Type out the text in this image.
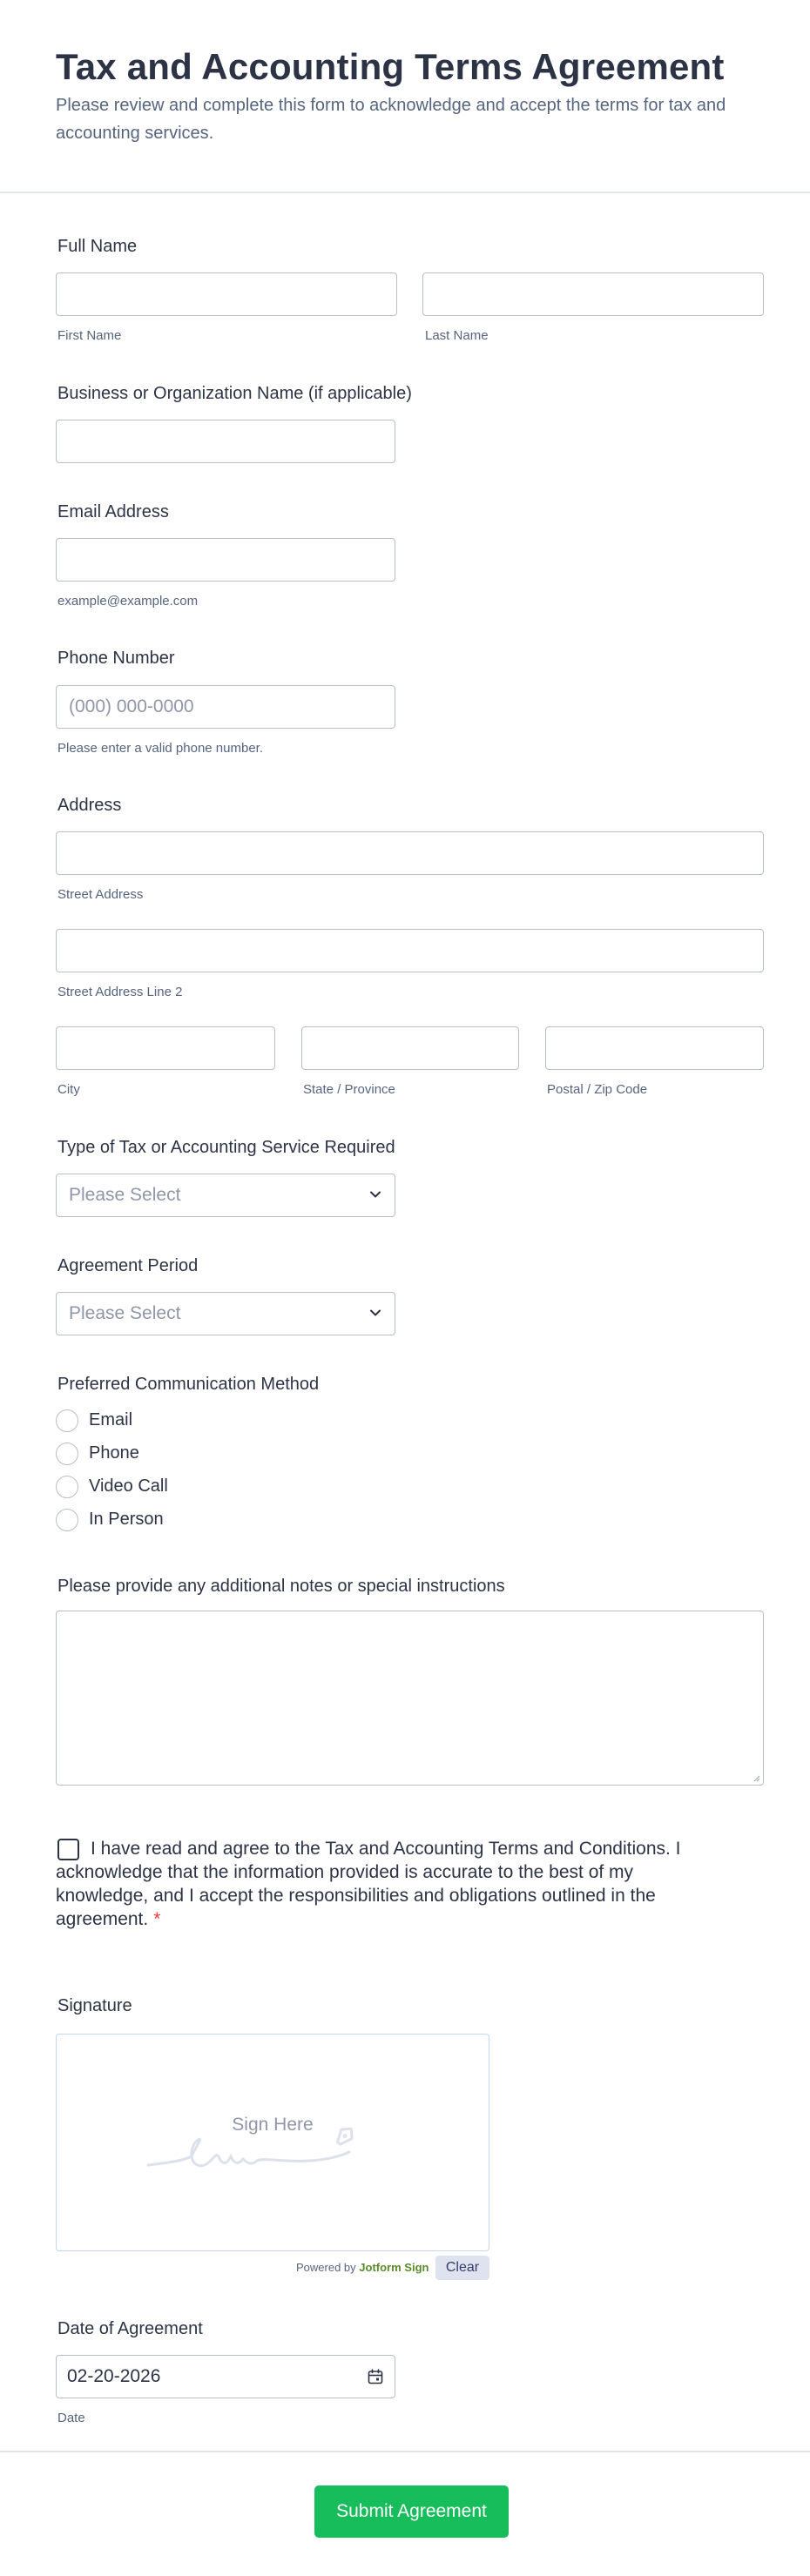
Tax and Accounting Terms Agreement
Please review and complete this form to acknowledge and accept the terms for tax and accounting services.
Full Name
First Name	Last Name
Business or Organization Name (if applicable)
Email Address
example@example.com
Phone Number
(000) 000-0000
Please enter a valid phone number.
Address
Street Address
Street Address Line 2
City	State / Province	Postal / Zip Code
Type of Tax or Accounting Service Required
Please Select
Agreement Period
Please Select
Preferred Communication Method
Email
Phone
Video Call
In Person
Please provide any additional notes or special instructions
I have read and agree to the Tax and Accounting Terms and Conditions. I acknowledge that the information provided is accurate to the best of my knowledge, and I accept the responsibilities and obligations outlined in the agreement. *
Signature
Sign Here
Powered by Jotform Sign	Clear
Date of Agreement
02-20-2026
Date
Submit Agreement
